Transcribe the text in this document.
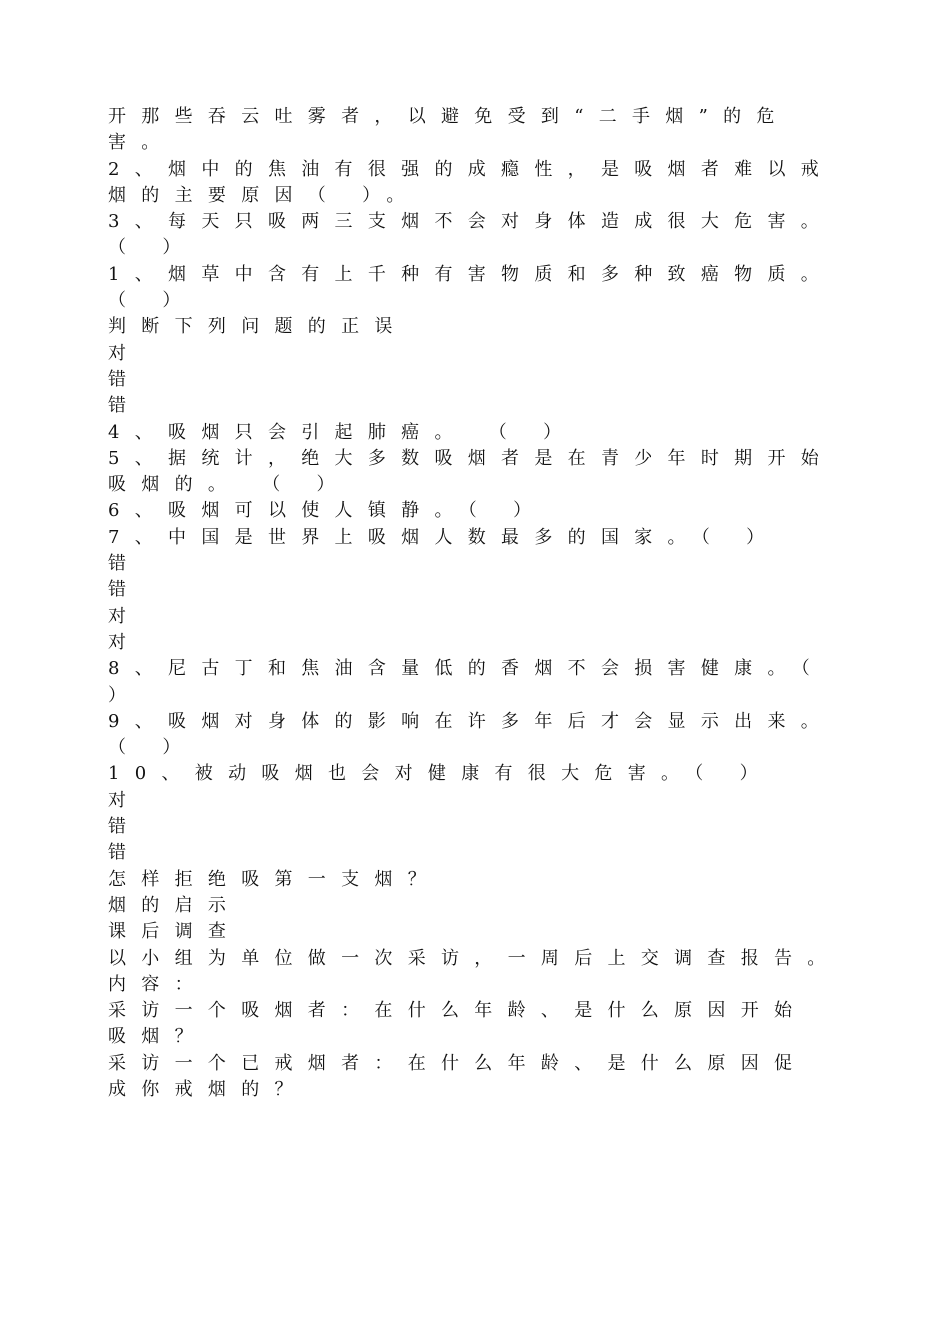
开那些吞云吐雾者，以避免受到“二手烟”的危
害。
2、烟中的焦油有很强的成瘾性，是吸烟者难以戒
烟的主要原因（ ）。
3、每天只吸两三支烟不会对身体造成很大危害。
（ ）
1、烟草中含有上千种有害物质和多种致癌物质。
（ ）
判断下列问题的正误
对
错
错
4、吸烟只会引起肺癌。 （ ）
5、据统计，绝大多数吸烟者是在青少年时期开始
吸烟的。 （ ）
6、吸烟可以使人镇静。（ ）
7、中国是世界上吸烟人数最多的国家。（ ）
错
错
对
对
8、尼古丁和焦油含量低的香烟不会损害健康。（
）
9、吸烟对身体的影响在许多年后才会显示出来。
（ ）
10、被动吸烟也会对健康有很大危害。（ ）
对
错
错
怎样拒绝吸第一支烟？
烟的启示
课后调查
以小组为单位做一次采访，一周后上交调查报告。
内容：
采访一个吸烟者：在什么年龄、是什么原因开始
吸烟？
采访一个已戒烟者：在什么年龄、是什么原因促
成你戒烟的？
